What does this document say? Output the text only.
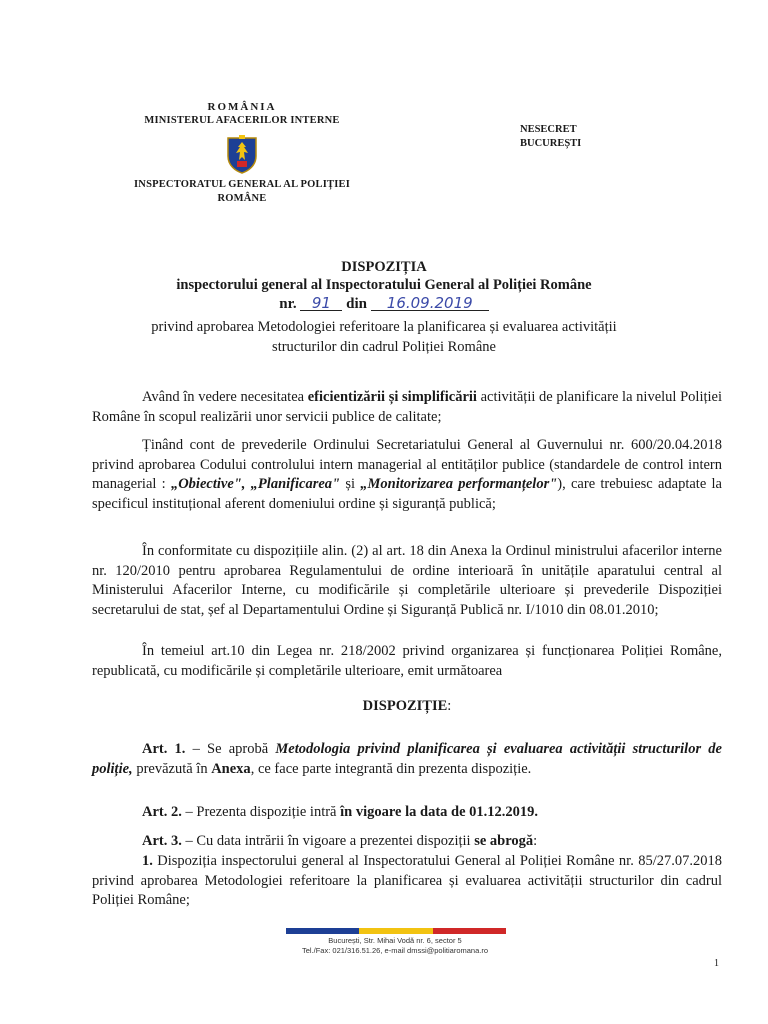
ROMÂNIA
MINISTERUL AFACERILOR INTERNE
INSPECTORATUL GENERAL AL POLIȚIEI
ROMÂNE
NESECRET
BUCUREȘTI
DISPOZIȚIA
inspectorului general al Inspectoratului General al Poliției Române
nr. 91 din 16.09.2019
privind aprobarea Metodologiei referitoare la planificarea și evaluarea activității structurilor din cadrul Poliției Române
Având în vedere necesitatea eficientizării și simplificării activității de planificare la nivelul Poliției Române în scopul realizării unor servicii publice de calitate;
Ținând cont de prevederile Ordinului Secretariatului General al Guvernului nr. 600/20.04.2018 privind aprobarea Codului controlului intern managerial al entităților publice (standardele de control intern managerial : „Obiective", „Planificarea" și „Monitorizarea performanțelor"), care trebuiesc adaptate la specificul instituțional aferent domeniului ordine și siguranță publică;
În conformitate cu dispozițiile alin. (2) al art. 18 din Anexa la Ordinul ministrului afacerilor interne nr. 120/2010 pentru aprobarea Regulamentului de ordine interioară în unitățile aparatului central al Ministerului Afacerilor Interne, cu modificările și completările ulterioare și prevederile Dispoziției secretarului de stat, șef al Departamentului Ordine și Siguranță Publică nr. I/1010 din 08.01.2010;
În temeiul art.10 din Legea nr. 218/2002 privind organizarea și funcționarea Poliției Române, republicată, cu modificările și completările ulterioare, emit următoarea
DISPOZIȚIE:
Art. 1. – Se aprobă Metodologia privind planificarea și evaluarea activității structurilor de poliție, prevăzută în Anexa, ce face parte integrantă din prezenta dispoziție.
Art. 2. – Prezenta dispoziție intră în vigoare la data de 01.12.2019.
Art. 3. – Cu data intrării în vigoare a prezentei dispoziții se abrogă:
1. Dispoziția inspectorului general al Inspectoratului General al Poliției Române nr. 85/27.07.2018 privind aprobarea Metodologiei referitoare la planificarea și evaluarea activității structurilor din cadrul Poliției Române;
București, Str. Mihai Vodă nr. 6, sector 5
Tel./Fax: 021/316.51.26, e-mail dmssi@politiaromana.ro
1
